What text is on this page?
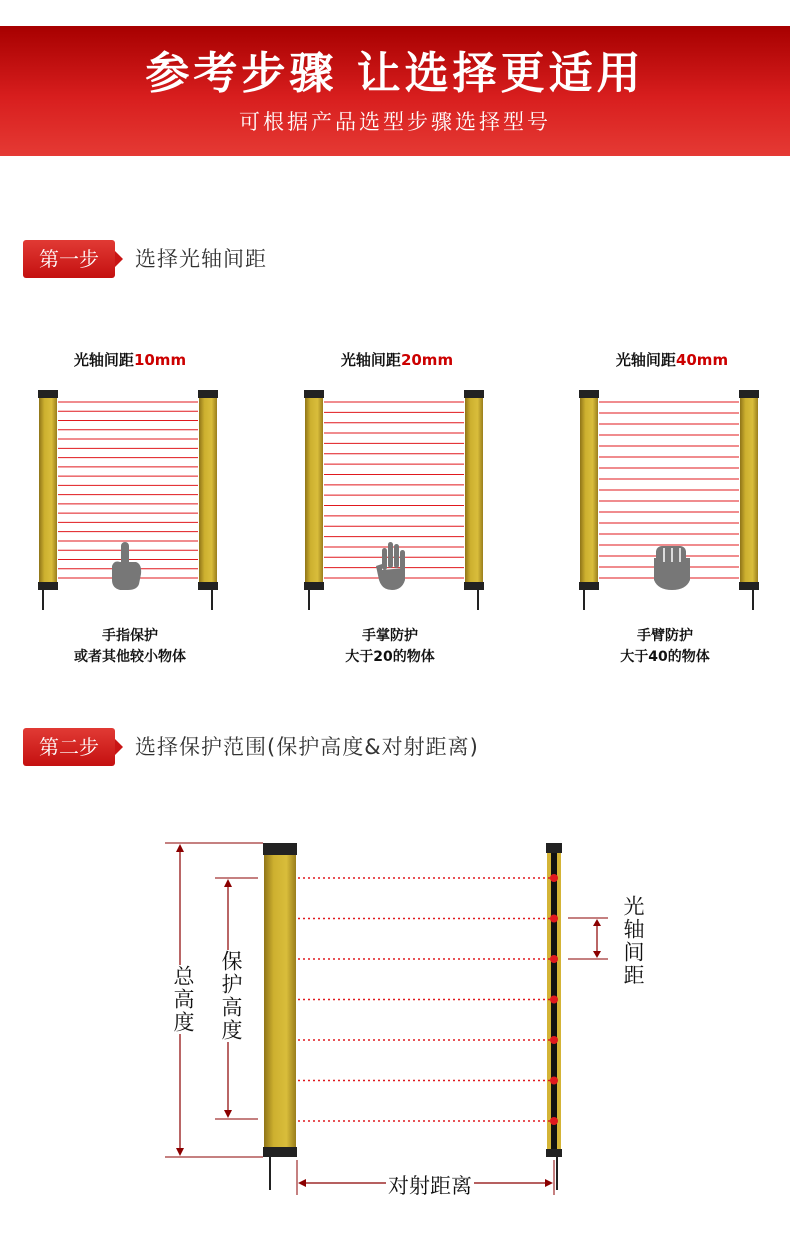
参考步骤 让选择更适用

可根据产品选型步骤选择型号

第一步	选择光轴间距
光轴间距10mm	光轴间距20mm	光轴间距40mm
手指保护
或者其他较小物体
手掌防护
大于20的物体
手臂防护
大于40的物体
第二步	选择保护范围(保护高度&对射距离)
总高度 保护高度
光轴间距
对射距离
